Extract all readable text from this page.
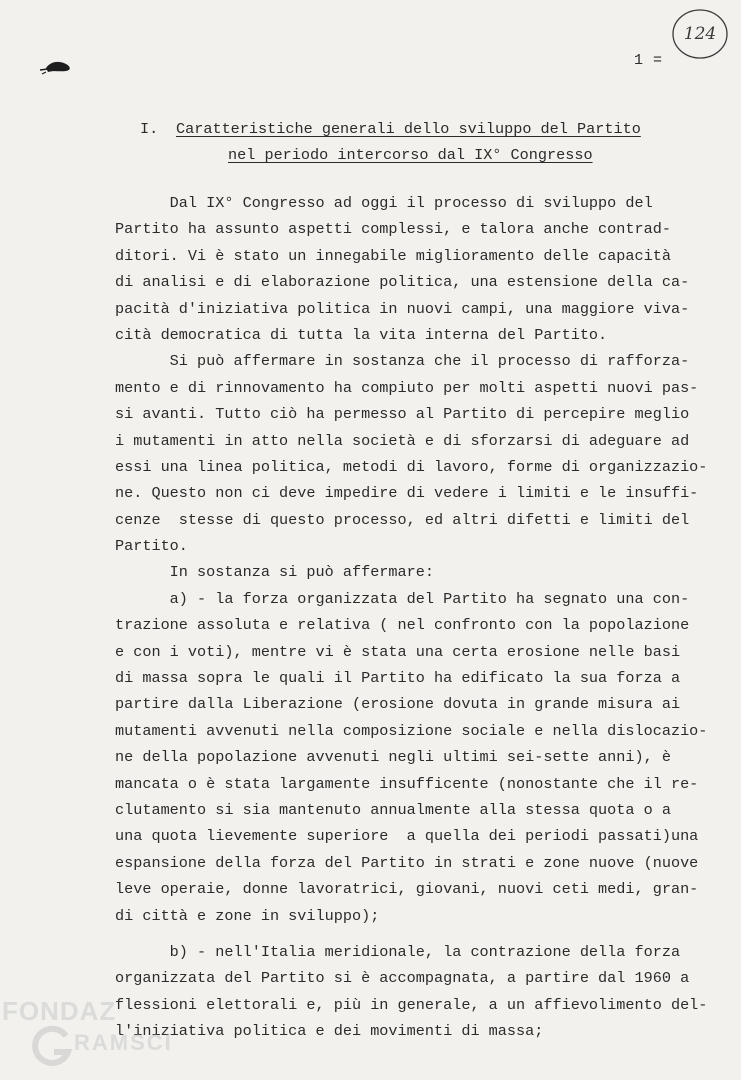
1 =
124
I. Caratteristiche generali dello sviluppo del Partito
nel periodo intercorso dal IX° Congresso
Dal IX° Congresso ad oggi il processo di sviluppo del
Partito ha assunto aspetti complessi, e talora anche contrad-
ditori. Vi è stato un innegabile miglioramento delle capacità
di analisi e di elaborazione politica, una estensione della ca-
pacità d'iniziativa politica in nuovi campi, una maggiore viva-
cità democratica di tutta la vita interna del Partito.
Si può affermare in sostanza che il processo di rafforza-
mento e di rinnovamento ha compiuto per molti aspetti nuovi pas-
si avanti. Tutto ciò ha permesso al Partito di percepire meglio
i mutamenti in atto nella società e di sforzarsi di adeguare ad
essi una linea politica, metodi di lavoro, forme di organizzazio-
ne. Questo non ci deve impedire di vedere i limiti e le insuffi-
cenze  stesse di questo processo, ed altri difetti e limiti del
Partito.
In sostanza si può affermare:
a) - la forza organizzata del Partito ha segnato una con-
trazione assoluta e relativa ( nel confronto con la popolazione
e con i voti), mentre vi è stata una certa erosione nelle basi
di massa sopra le quali il Partito ha edificato la sua forza a
partire dalla Liberazione (erosione dovuta in grande misura ai
mutamenti avvenuti nella composizione sociale e nella dislocazio-
ne della popolazione avvenuti negli ultimi sei-sette anni), è
mancata o è stata largamente insufficente (nonostante che il re-
clutamento si sia mantenuto annualmente alla stessa quota o a
una quota lievemente superiore  a quella dei periodi passati)una
espansione della forza del Partito in strati e zone nuove (nuove
leve operaie, donne lavoratrici, giovani, nuovi ceti medi, gran-
di città e zone in sviluppo);
b) - nell'Italia meridionale, la contrazione della forza
organizzata del Partito si è accompagnata, a partire dal 1960 a
flessioni elettorali e, più in generale, a un affievolimento del-
l'iniziativa politica e dei movimenti di massa;
FONDAZ
RAMSCI
